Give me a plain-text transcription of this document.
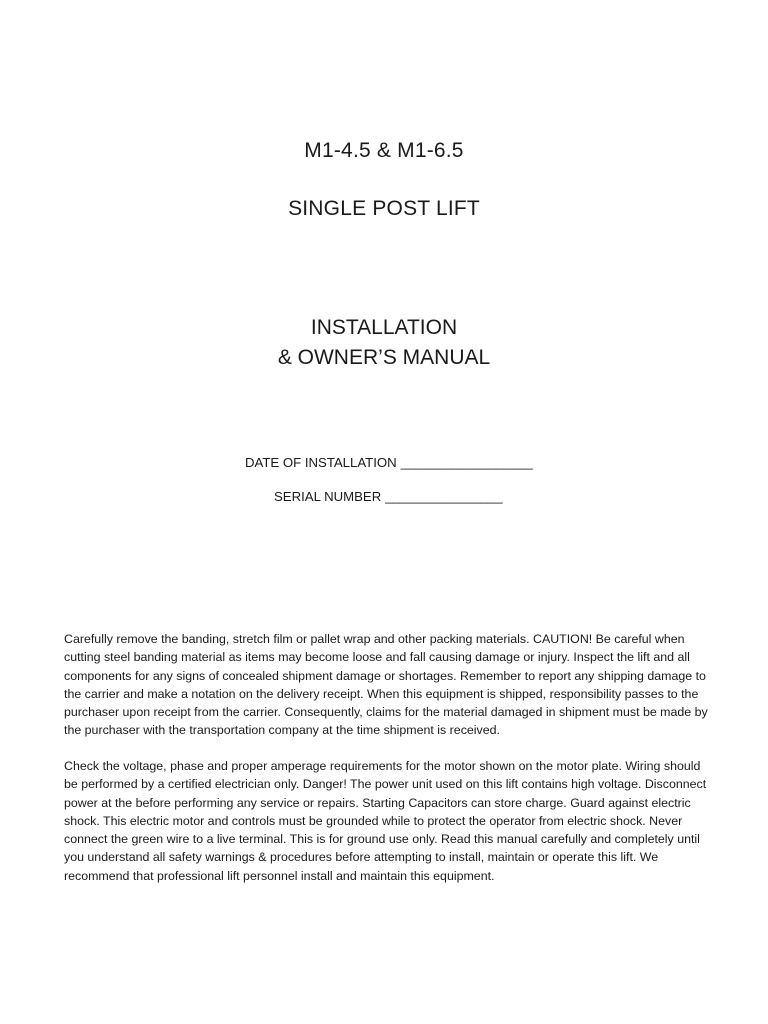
M1-4.5 & M1-6.5
SINGLE POST LIFT
INSTALLATION
& OWNER’S MANUAL
DATE OF INSTALLATION __________________
SERIAL NUMBER ________________

Carefully remove the banding, stretch film or pallet wrap and other packing materials. CAUTION! Be careful when cutting steel banding material as items may become loose and fall causing damage or injury. Inspect the lift and all components for any signs of concealed shipment damage or shortages. Remember to report any shipping damage to the carrier and make a notation on the delivery receipt. When this equipment is shipped, responsibility passes to the purchaser upon receipt from the carrier. Consequently, claims for the material damaged in shipment must be made by the purchaser with the transportation company at the time shipment is received.

Check the voltage, phase and proper amperage requirements for the motor shown on the motor plate. Wiring should be performed by a certified electrician only. Danger! The power unit used on this lift contains high voltage. Disconnect power at the before performing any service or repairs. Starting Capacitors can store charge. Guard against electric shock. This electric motor and controls must be grounded while to protect the operator from electric shock. Never connect the green wire to a live terminal. This is for ground use only. Read this manual carefully and completely until you understand all safety warnings & procedures before attempting to install, maintain or operate this lift. We recommend that professional lift personnel install and maintain this equipment.
